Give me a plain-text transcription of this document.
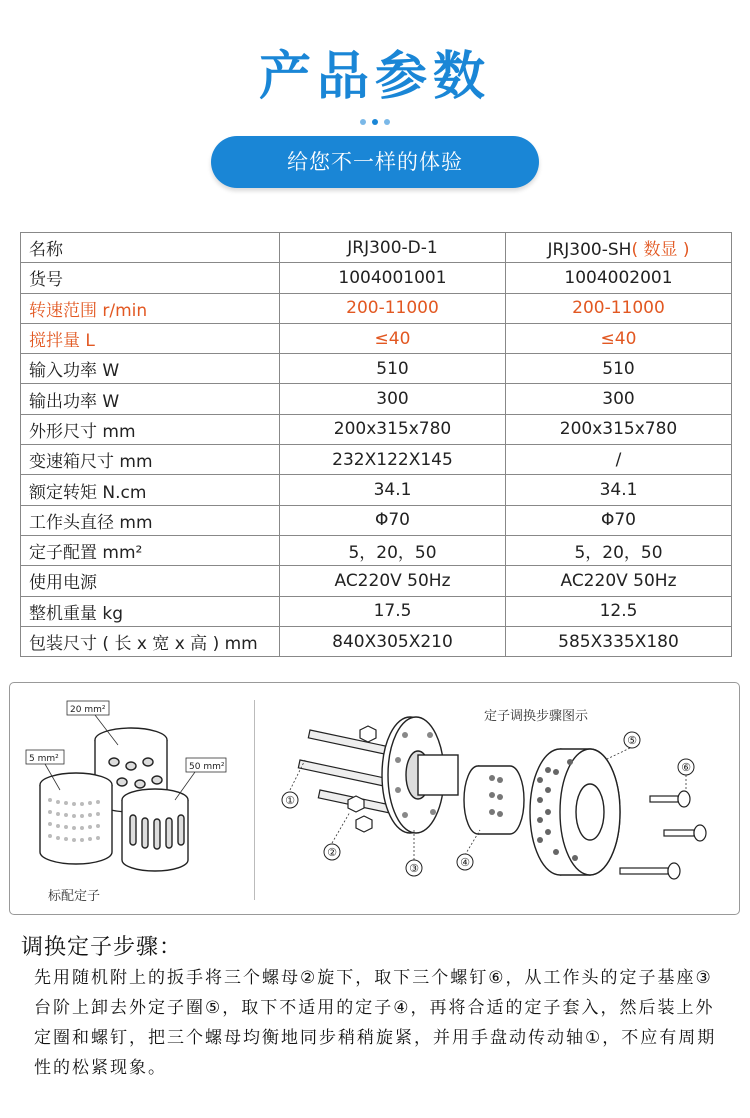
产品参数
给您不一样的体验
名称	JRJ300-D-1	JRJ300-SH( 数显 )
货号	1004001001	1004002001
转速范围 r/min	200-11000	200-11000
搅拌量 L	≤40	≤40
输入功率 W	510	510
输出功率 W	300	300
外形尺寸 mm	200x315x780	200x315x780
变速箱尺寸 mm	232X122X145	/
额定转矩 N.cm	34.1	34.1
工作头直径 mm	Φ70	Φ70
定子配置 mm²	5，20，50	5，20，50
使用电源	AC220V 50Hz	AC220V 50Hz
整机重量 kg	17.5	12.5
包装尺寸 ( 长 x 宽 x 高 ) mm	840X305X210	585X335X180
20 mm²
5 mm²
50 mm²
①
②
③	④
⑤
⑥
标配定子
定子调换步骤图示
调换定子步骤：
先用随机附上的扳手将三个螺母②旋下，取下三个螺钉⑥，从工作头的定子基座③台阶上卸去外定子圈⑤，取下不适用的定子④，再将合适的定子套入，然后装上外定圈和螺钉，把三个螺母均衡地同步稍稍旋紧，并用手盘动传动轴①，不应有周期性的松紧现象。
